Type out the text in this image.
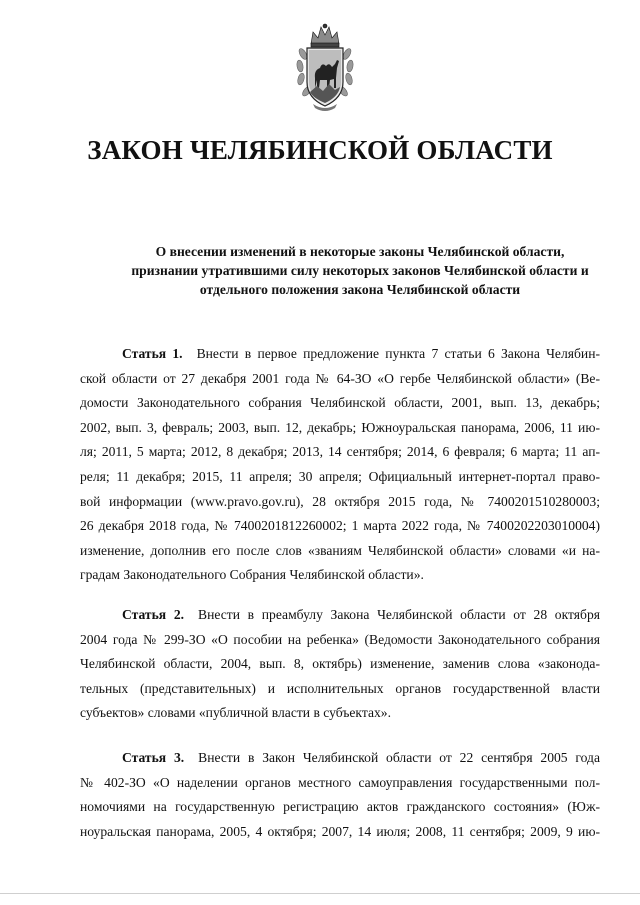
ЗАКОН ЧЕЛЯБИНСКОЙ ОБЛАСТИ
О внесении изменений в некоторые законы Челябинской области,
признании утратившими силу некоторых законов Челябинской области и
отдельного положения закона Челябинской области
Статья 1. Внести в первое предложение пункта 7 статьи 6 Закона Челябин-
ской области от 27 декабря 2001 года № 64-ЗО «О гербе Челябинской области» (Ве-
домости Законодательного собрания Челябинской области, 2001, вып. 13, декабрь;
2002, вып. 3, февраль; 2003, вып. 12, декабрь; Южноуральская панорама, 2006, 11 ию-
ля; 2011, 5 марта; 2012, 8 декабря; 2013, 14 сентября; 2014, 6 февраля; 6 марта; 11 ап-
реля; 11 декабря; 2015, 11 апреля; 30 апреля; Официальный интернет-портал право-
вой информации (www.pravo.gov.ru), 28 октября 2015 года, № 7400201510280003;
26 декабря 2018 года, № 7400201812260002; 1 марта 2022 года, № 7400202203010004)
изменение, дополнив его после слов «званиям Челябинской области» словами «и на-
градам Законодательного Собрания Челябинской области».
Статья 2. Внести в преамбулу Закона Челябинской области от 28 октября
2004 года № 299-ЗО «О пособии на ребенка» (Ведомости Законодательного собрания
Челябинской области, 2004, вып. 8, октябрь) изменение, заменив слова «законода-
тельных (представительных) и исполнительных органов государственной власти
субъектов» словами «публичной власти в субъектах».
Статья 3. Внести в Закон Челябинской области от 22 сентября 2005 года
№ 402-ЗО «О наделении органов местного самоуправления государственными пол-
номочиями на государственную регистрацию актов гражданского состояния» (Юж-
ноуральская панорама, 2005, 4 октября; 2007, 14 июля; 2008, 11 сентября; 2009, 9 ию-
